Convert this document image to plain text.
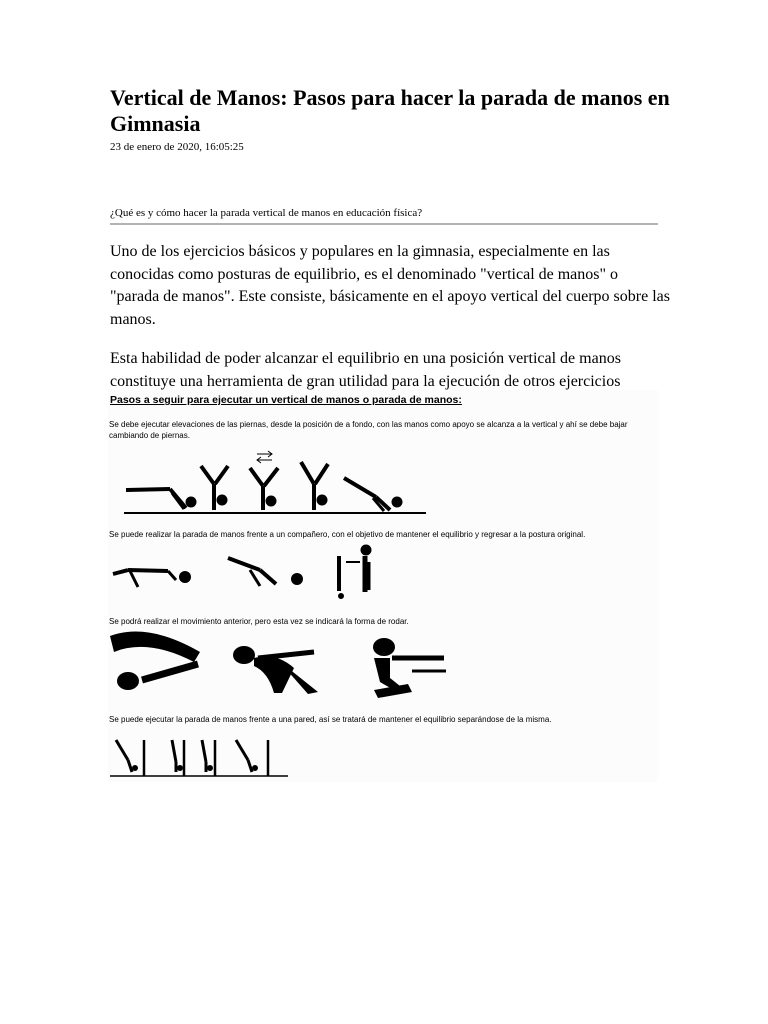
Vertical de Manos: Pasos para hacer la parada de manos en Gimnasia
23 de enero de 2020, 16:05:25
¿Qué es y cómo hacer la parada vertical de manos en educación física?

Uno de los ejercicios básicos y populares en la gimnasia, especialmente en las conocidas como posturas de equilibrio, es el denominado "vertical de manos" o "parada de manos". Este consiste, básicamente en el apoyo vertical del cuerpo sobre las manos.

Esta habilidad de poder alcanzar el equilibrio en una posición vertical de manos constituye una herramienta de gran utilidad para la ejecución de otros ejercicios

Pasos a seguir para ejecutar un vertical de manos o parada de manos:
Se debe ejecutar elevaciones de las piernas, desde la posición de a fondo, con las manos como apoyo se alcanza a la vertical y ahí se debe bajar cambiando de piernas.
Se puede realizar la parada de manos frente a un compañero, con el objetivo de mantener el equilibrio y regresar a la postura original.
Se podrá realizar el movimiento anterior, pero esta vez se indicará la forma de rodar.
Se puede ejecutar la parada de manos frente a una pared, así se tratará de mantener el equilibrio separándose de la misma.
